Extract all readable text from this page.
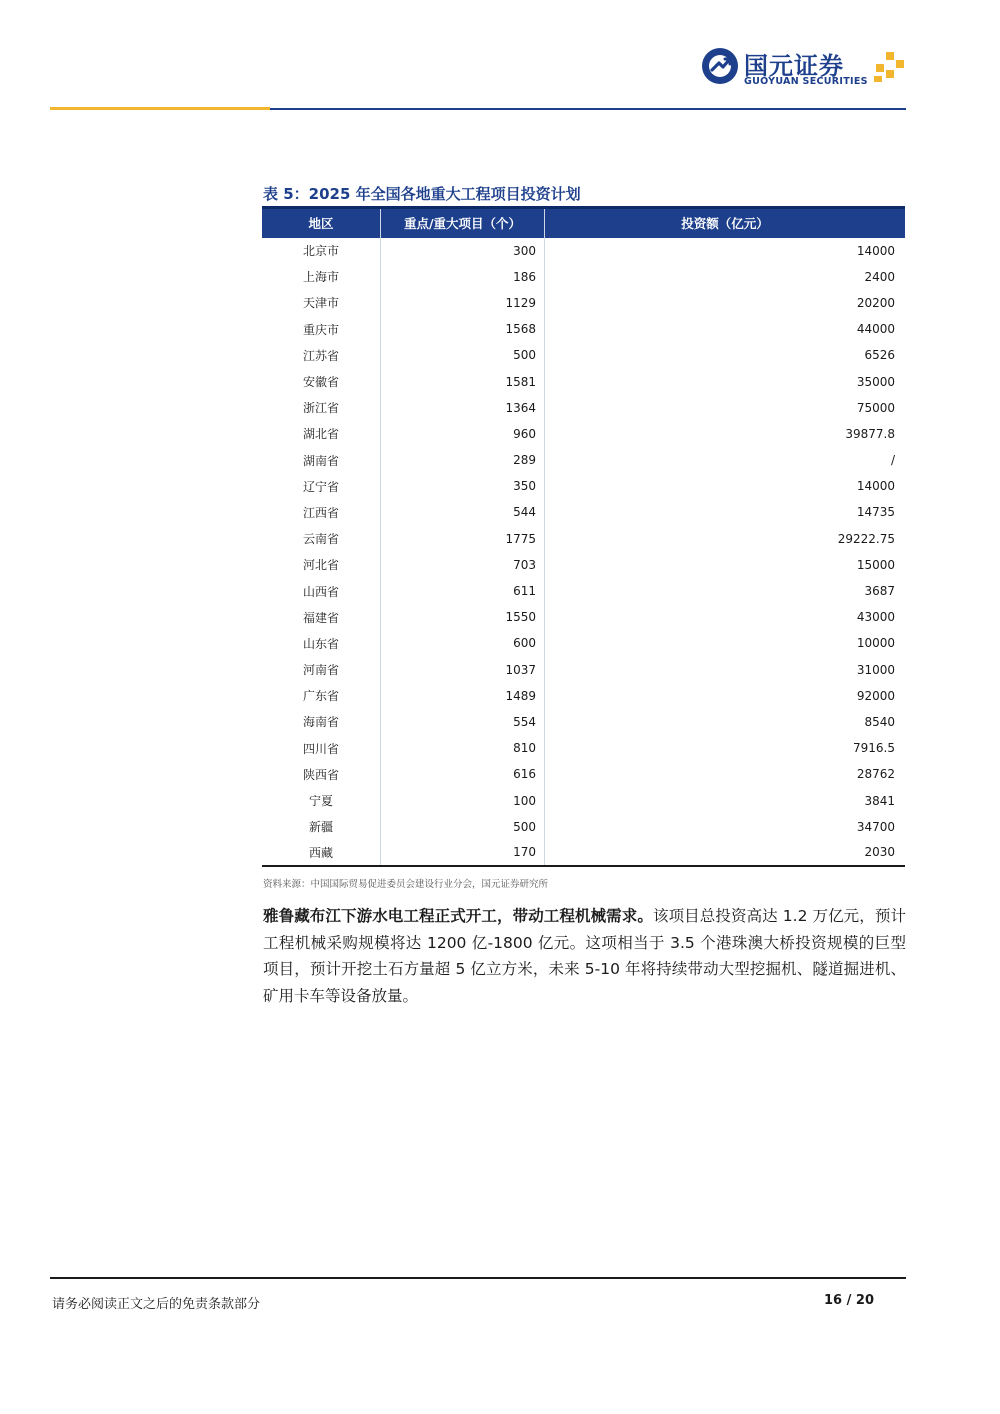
国元证券
GUOYUAN SECURITIES
表 5：2025 年全国各地重大工程项目投资计划
地区	重点/重大项目（个）	投资额（亿元）
北京市	300	14000
上海市	186	2400
天津市	1129	20200
重庆市	1568	44000
江苏省	500	6526
安徽省	1581	35000
浙江省	1364	75000
湖北省	960	39877.8
湖南省	289	/
辽宁省	350	14000
江西省	544	14735
云南省	1775	29222.75
河北省	703	15000
山西省	611	3687
福建省	1550	43000
山东省	600	10000
河南省	1037	31000
广东省	1489	92000
海南省	554	8540
四川省	810	7916.5
陕西省	616	28762
宁夏	100	3841
新疆	500	34700
西藏	170	2030
资料来源：中国国际贸易促进委员会建设行业分会，国元证券研究所
雅鲁藏布江下游水电工程正式开工，带动工程机械需求。该项目总投资高达 1.2 万亿元，预计工程机械采购规模将达 1200 亿-1800 亿元。这项相当于 3.5 个港珠澳大桥投资规模的巨型项目，预计开挖土石方量超 5 亿立方米，未来 5-10 年将持续带动大型挖掘机、隧道掘进机、矿用卡车等设备放量。
请务必阅读正文之后的免责条款部分	16 / 20
